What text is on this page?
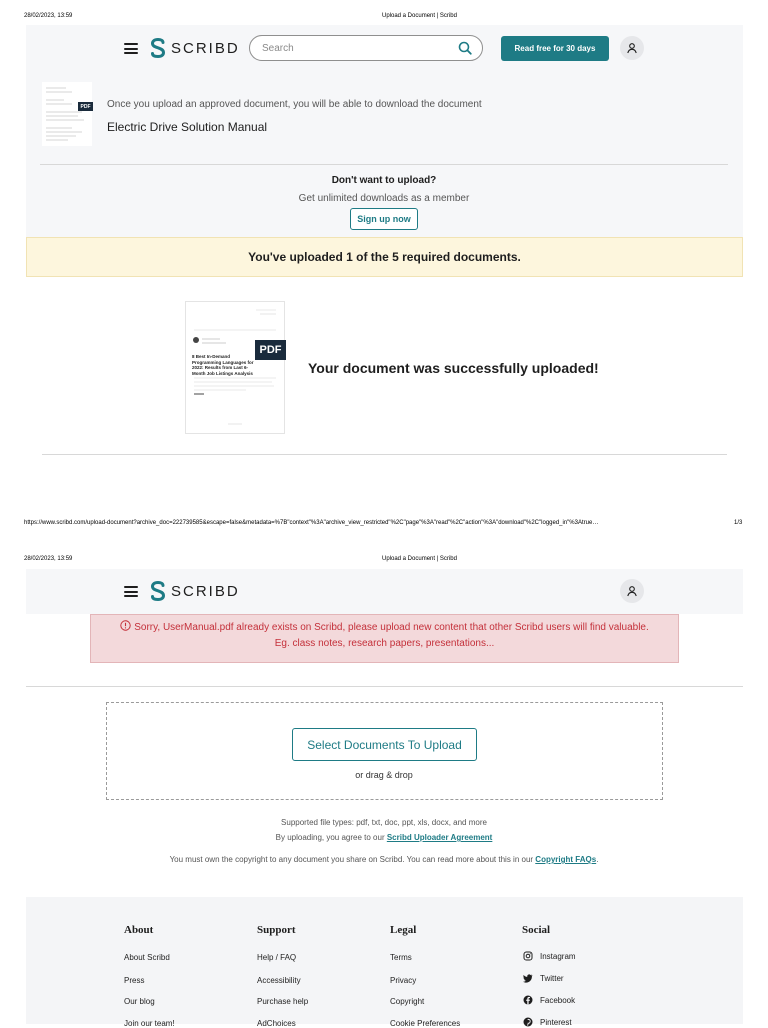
28/02/2023, 13:59	Upload a Document | Scribd
SCRIBD
Search	Read free for 30 days
PDF Once you upload an approved document, you will be able to download the document
Electric Drive Solution Manual
Don't want to upload?
Get unlimited downloads as a member
Sign up now
You've uploaded 1 of the 5 required documents.
8 Best In-Demand Programming Languages for 2022: Results from Last 6-Month Job Listings Analysis
PDF
Your document was successfully uploaded!
https://www.scribd.com/upload-document?archive_doc=222739585&escape=false&metadata=%7B"context"%3A"archive_view_restricted"%2C"page"%3A"read"%2C"action"%3A"download"%2C"logged_in"%3Atrue…	1/3
28/02/2023, 13:59	Upload a Document | Scribd
SCRIBD
Sorry, UserManual.pdf already exists on Scribd, please upload new content that other Scribd users will find valuable.
Eg. class notes, research papers, presentations...
Select Documents To Upload
or drag & drop
Supported file types: pdf, txt, doc, ppt, xls, docx, and more
By uploading, you agree to our Scribd Uploader Agreement
You must own the copyright to any document you share on Scribd. You can read more about this in our Copyright FAQs.
About
About Scribd
Press
Our blog
Join our team!
Support
Help / FAQ
Accessibility
Purchase help
AdChoices
Legal
Terms
Privacy
Copyright
Cookie Preferences
Social
Instagram
Twitter
Facebook
Pinterest
